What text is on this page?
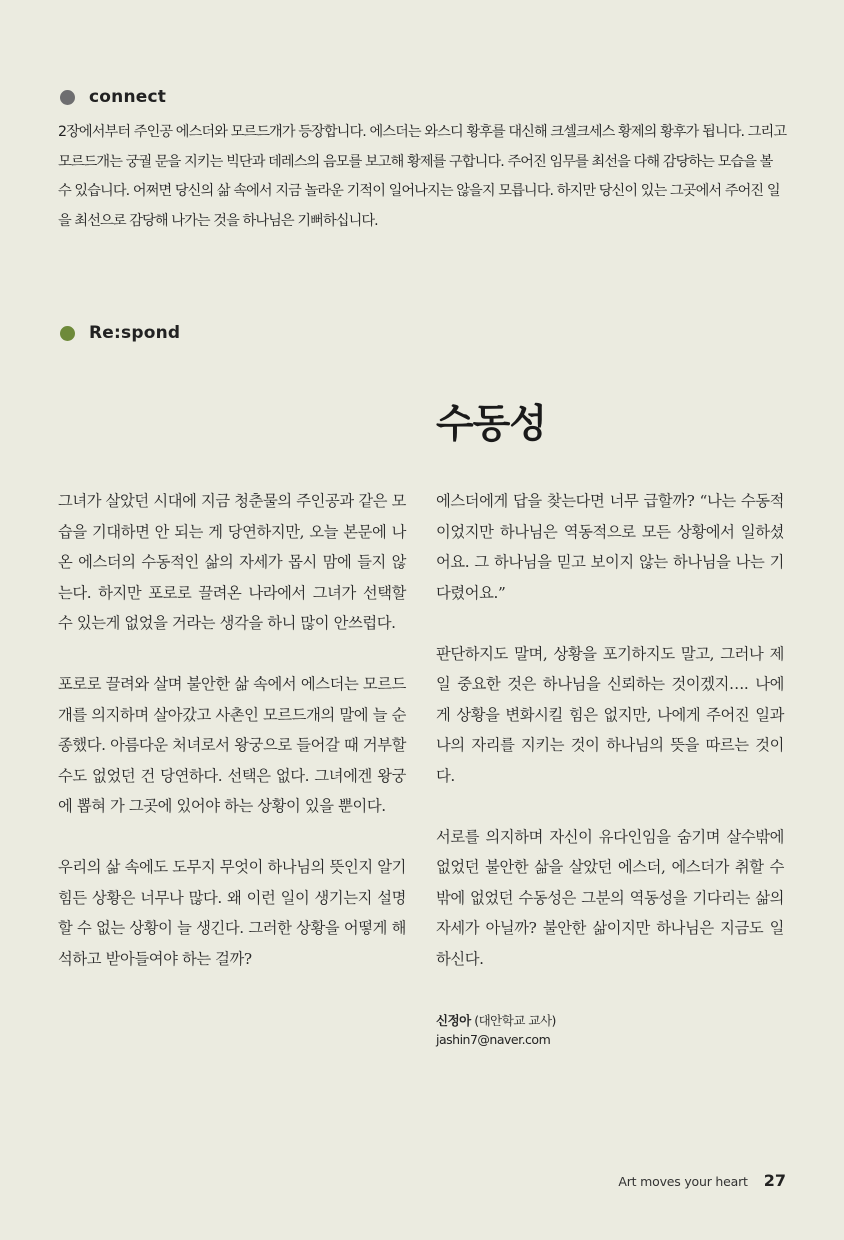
connect

2장에서부터 주인공 에스더와 모르드개가 등장합니다. 에스더는 와스디 황후를 대신해 크셀크세스 황제의 황후가 됩니다. 그리고 모르드개는 궁궐 문을 지키는 빅단과 데레스의 음모를 보고해 황제를 구합니다. 주어진 임무를 최선을 다해 감당하는 모습을 볼 수 있습니다. 어쩌면 당신의 삶 속에서 지금 놀라운 기적이 일어나지는 않을지 모릅니다. 하지만 당신이 있는 그곳에서 주어진 일을 최선으로 감당해 나가는 것을 하나님은 기뻐하십니다.

Re:spond
수동성

그녀가 살았던 시대에 지금 청춘물의 주인공과 같은 모습을 기대하면 안 되는 게 당연하지만, 오늘 본문에 나온 에스더의 수동적인 삶의 자세가 몹시 맘에 들지 않는다. 하지만 포로로 끌려온 나라에서 그녀가 선택할 수 있는게 없었을 거라는 생각을 하니 많이 안쓰럽다.

포로로 끌려와 살며 불안한 삶 속에서 에스더는 모르드개를 의지하며 살아갔고 사촌인 모르드개의 말에 늘 순종했다. 아름다운 처녀로서 왕궁으로 들어갈 때 거부할 수도 없었던 건 당연하다. 선택은 없다. 그녀에겐 왕궁에 뽑혀 가 그곳에 있어야 하는 상황이 있을 뿐이다.

우리의 삶 속에도 도무지 무엇이 하나님의 뜻인지 알기 힘든 상황은 너무나 많다. 왜 이런 일이 생기는지 설명할 수 없는 상황이 늘 생긴다. 그러한 상황을 어떻게 해석하고 받아들여야 하는 걸까?

에스더에게 답을 찾는다면 너무 급할까? “나는 수동적이었지만 하나님은 역동적으로 모든 상황에서 일하셨어요. 그 하나님을 믿고 보이지 않는 하나님을 나는 기다렸어요.”

판단하지도 말며, 상황을 포기하지도 말고, 그러나 제일 중요한 것은 하나님을 신뢰하는 것이겠지…. 나에게 상황을 변화시킬 힘은 없지만, 나에게 주어진 일과 나의 자리를 지키는 것이 하나님의 뜻을 따르는 것이다.

서로를 의지하며 자신이 유다인임을 숨기며 살수밖에 없었던 불안한 삶을 살았던 에스더, 에스더가 취할 수밖에 없었던 수동성은 그분의 역동성을 기다리는 삶의 자세가 아닐까? 불안한 삶이지만 하나님은 지금도 일하신다.

신정아 (대안학교 교사)
jashin7@naver.com
Art moves your heart 27
